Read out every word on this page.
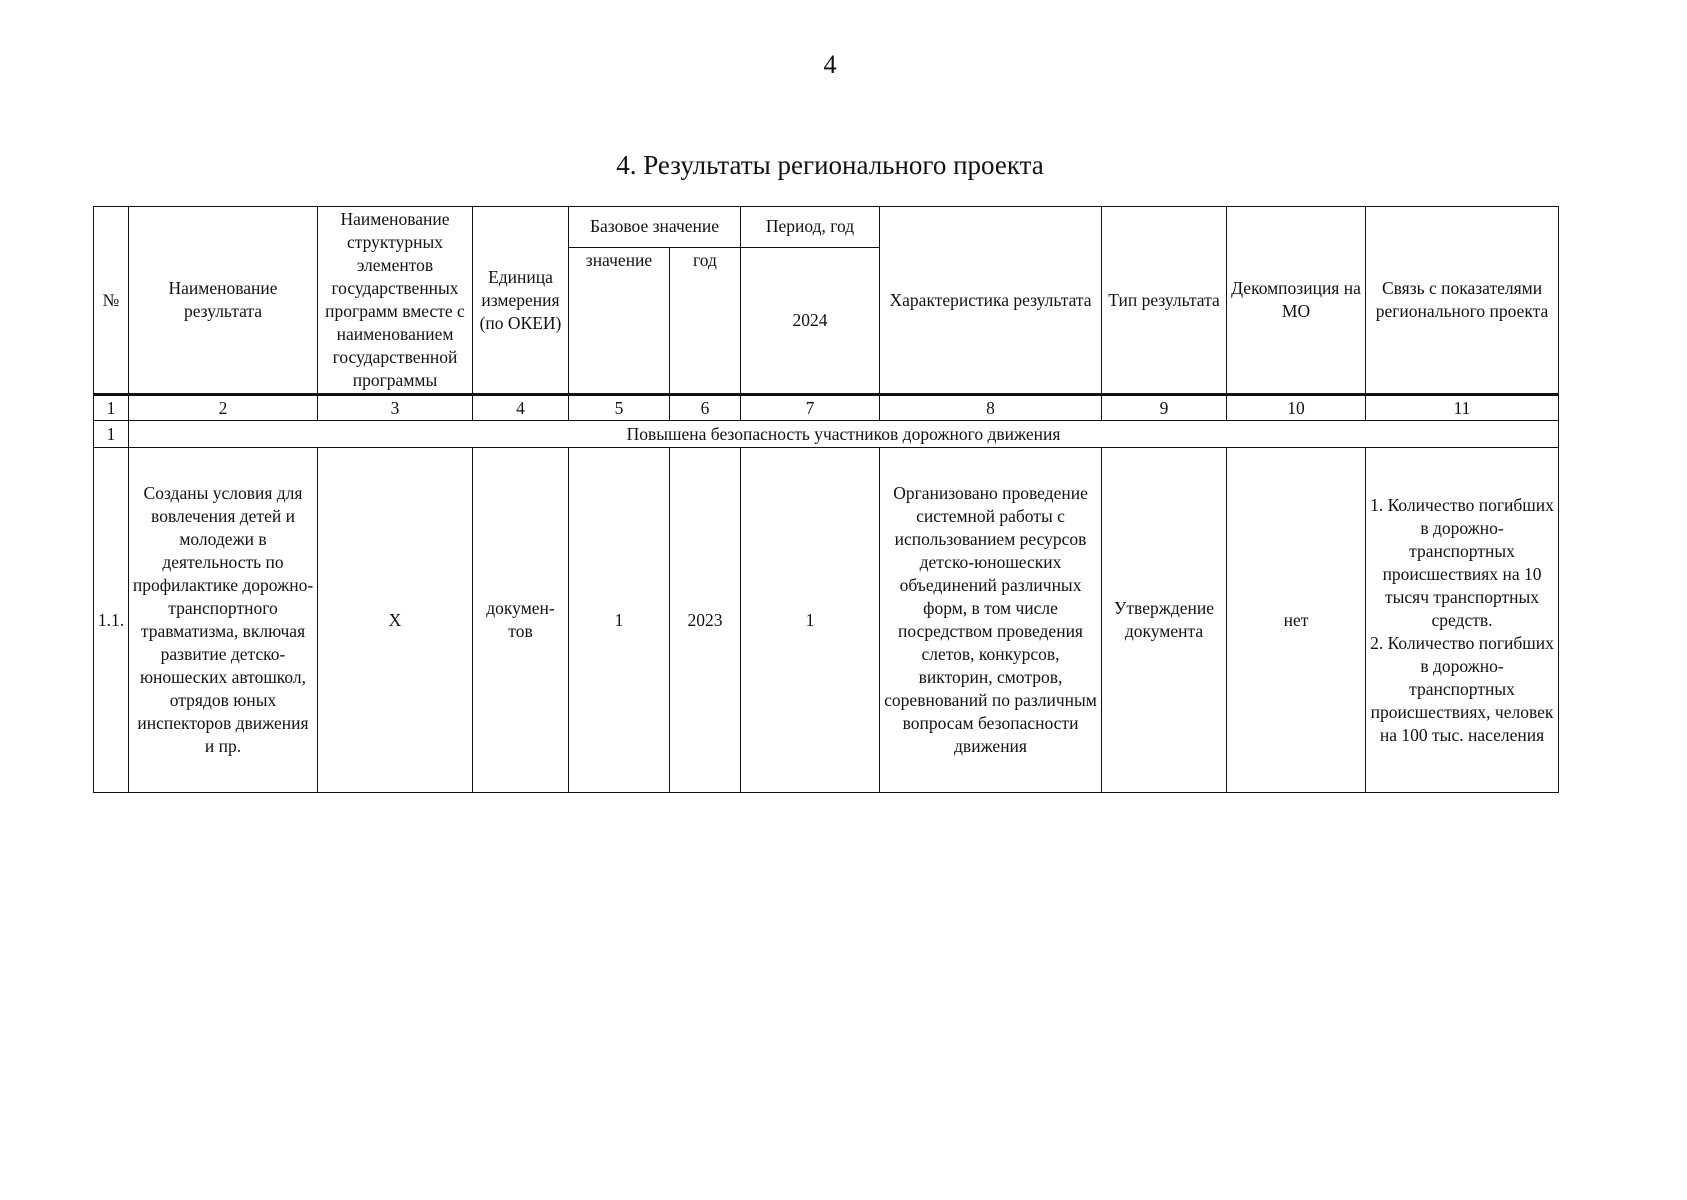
4
4. Результаты регионального проекта
№	Наименование результата	Наименование структурных элементов государственных программ вместе с наименованием государственной программы	Единица измерения (по ОКЕИ)	Базовое значение		Период, год	Характеристика результата	Тип результата	Декомпозиция на МО	Связь с показателями регионального проекта
				значение	год	2024				
1	2	3	4	5	6	7	8	9	10	11
1	Повышена безопасность участников дорожного движения									
1.1.	Созданы условия для вовлечения детей и молодежи в деятельность по профилактике дорожно-транспортного травматизма, включая развитие детско-юношеских автошкол, отрядов юных инспекторов движения и пр.	X	докумен-тов	1	2023	1	Организовано проведение системной работы с использованием ресурсов детско-юношеских объединений различных форм, в том числе посредством проведения слетов, конкурсов, викторин, смотров, соревнований по различным вопросам безопасности движения	Утверждение документа	нет	1. Количество погибших в дорожно-транспортных происшествиях на 10 тысяч транспортных средств.
2. Количество погибших в дорожно-транспортных происшествиях, человек на 100 тыс. населения
